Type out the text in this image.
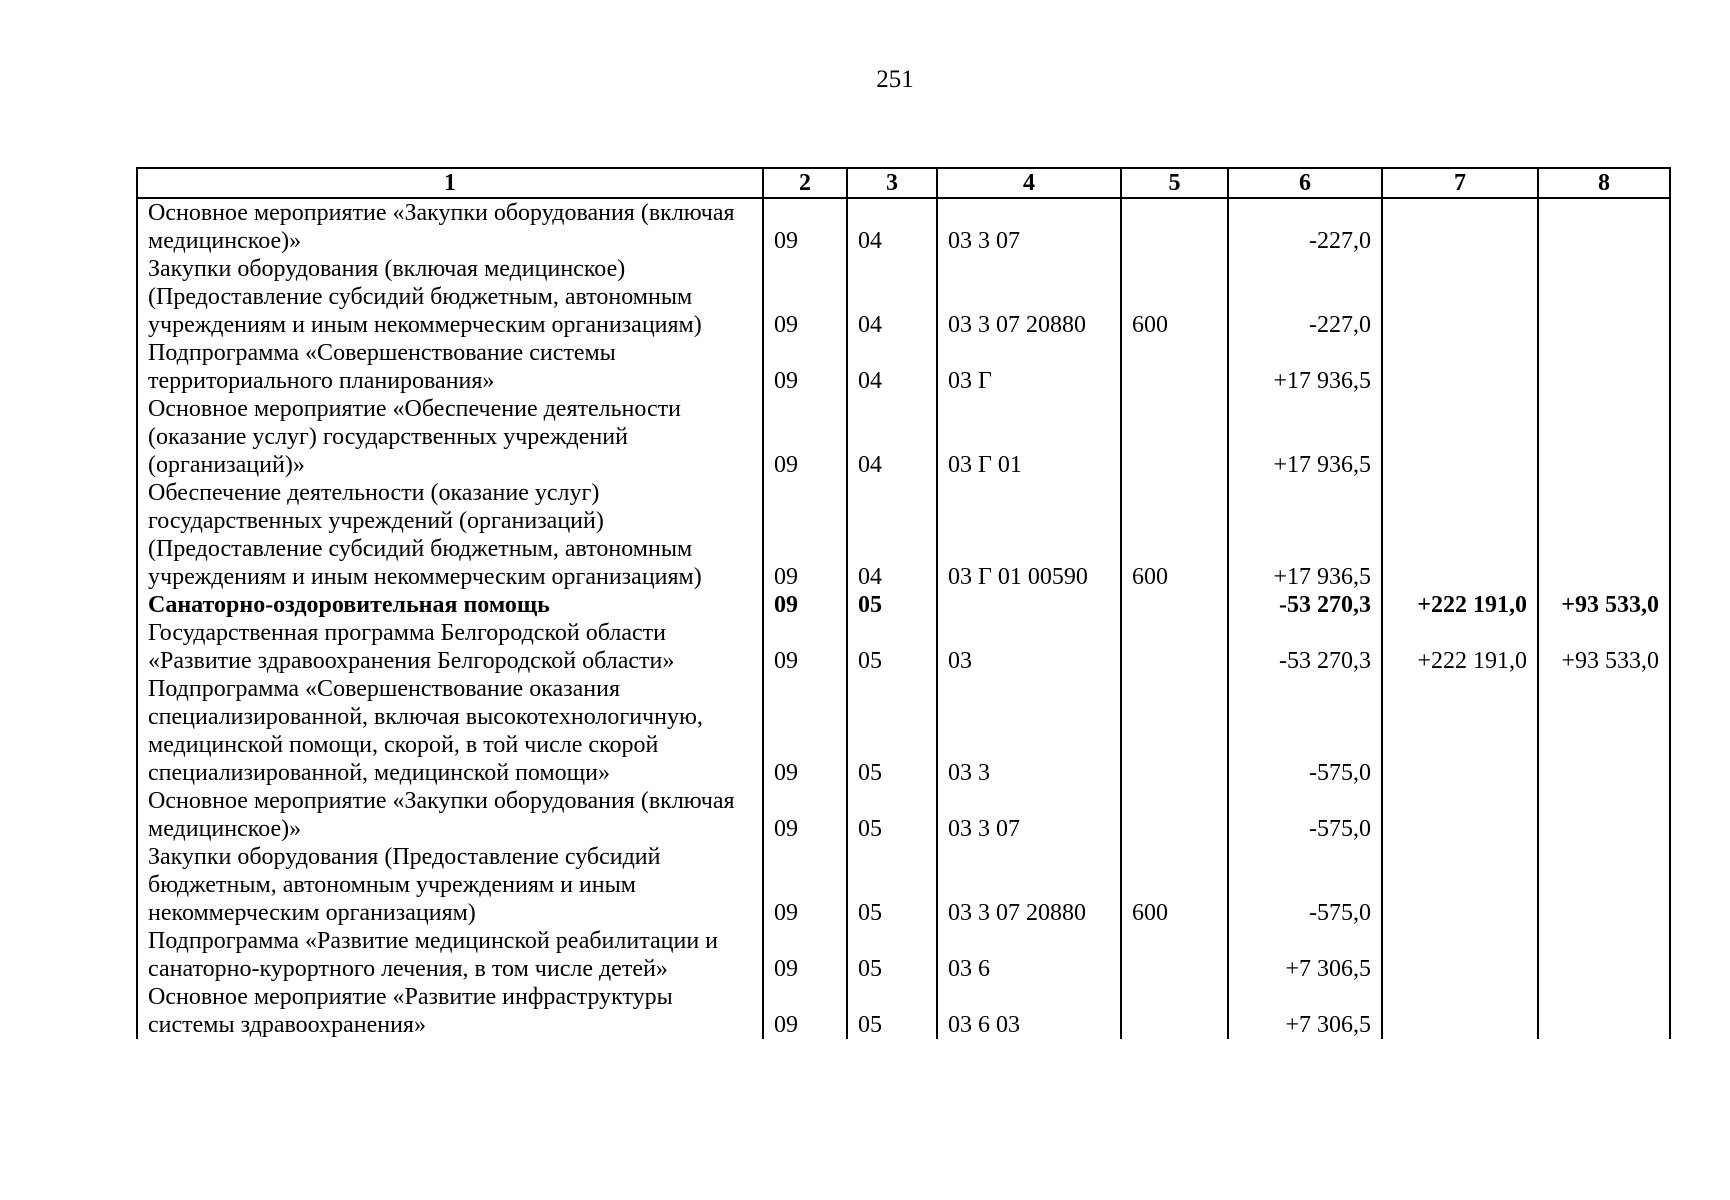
251
1	2	3	4	5	6	7	8
Основное мероприятие «Закупки оборудования (включая медицинское)»	09	04	03 3 07		-227,0		
Закупки оборудования (включая медицинское) (Предоставление субсидий бюджетным, автономным учреждениям и иным некоммерческим организациям)	09	04	03 3 07 20880	600	-227,0		
Подпрограмма «Совершенствование системы территориального планирования»	09	04	03 Г		+17 936,5		
Основное мероприятие «Обеспечение деятельности (оказание услуг) государственных учреждений (организаций)»	09	04	03 Г 01		+17 936,5		
Обеспечение деятельности (оказание услуг) государственных учреждений (организаций) (Предоставление субсидий бюджетным, автономным учреждениям и иным некоммерческим организациям)	09	04	03 Г 01 00590	600	+17 936,5		
Санаторно-оздоровительная помощь	09	05			-53 270,3	+222 191,0	+93 533,0
Государственная программа Белгородской области «Развитие здравоохранения Белгородской области»	09	05	03		-53 270,3	+222 191,0	+93 533,0
Подпрограмма «Совершенствование оказания специализированной, включая высокотехнологичную, медицинской помощи, скорой, в той числе скорой специализированной, медицинской помощи»	09	05	03 3		-575,0		
Основное мероприятие «Закупки оборудования (включая медицинское)»	09	05	03 3 07		-575,0		
Закупки оборудования (Предоставление субсидий бюджетным, автономным учреждениям и иным некоммерческим организациям)	09	05	03 3 07 20880	600	-575,0		
Подпрограмма «Развитие медицинской реабилитации и санаторно-курортного лечения, в том числе детей»	09	05	03 6		+7 306,5		
Основное мероприятие «Развитие инфраструктуры системы здравоохранения»	09	05	03 6 03		+7 306,5		
